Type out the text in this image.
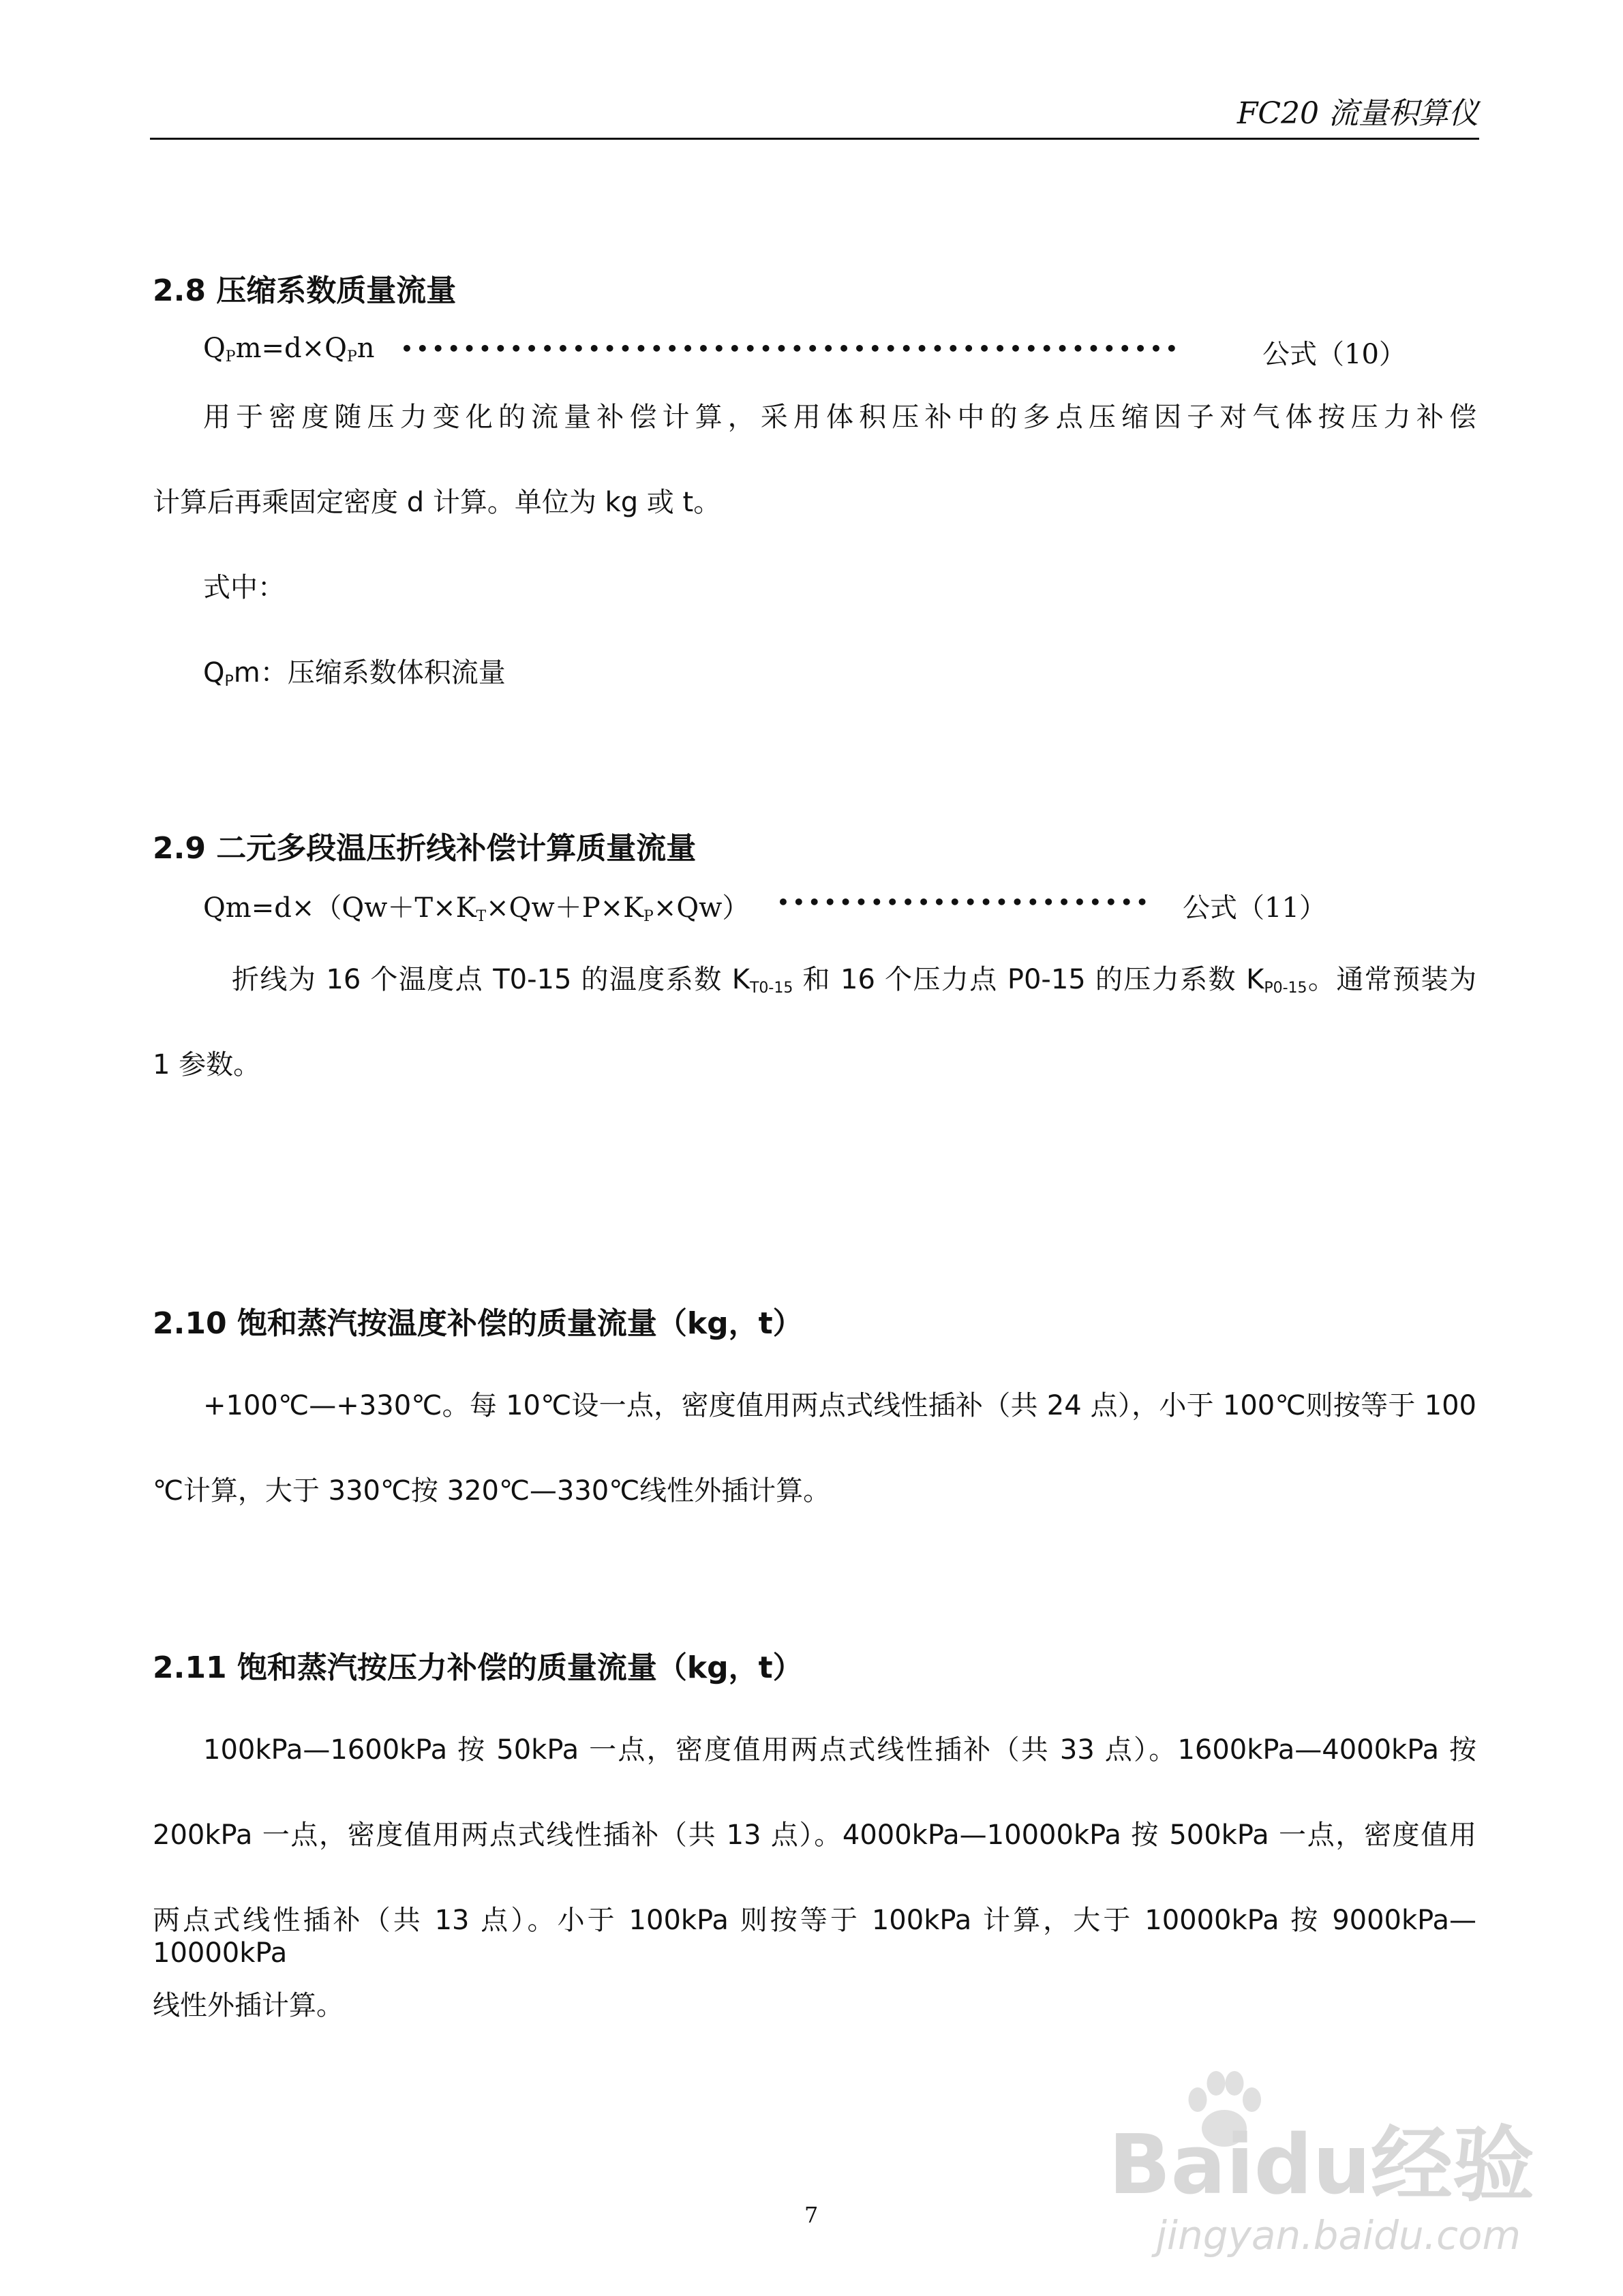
FC20 流量积算仪
2.8 压缩系数质量流量
$Q_Pm=d\times Q_Pn$ ••••••••••••••••••••••••••••••••••••••••••••••••••	公式（10）
用于密度随压力变化的流量补偿计算，采用体积压补中的多点压缩因子对气体按压力补偿
计算后再乘固定密度 d 计算。单位为 kg 或 t。
式中：
$Q_Pm$：压缩系数体积流量
2.9 二元多段温压折线补偿计算质量流量
$Qm=d\times(Qw+T\times K_T\times Qw+P\times K_P\times Qw)$ •••••••••••••••••••••••• 公式（11）
折线为 16 个温度点 T0-15 的温度系数 $K_{T0-15}$ 和 16 个压力点 P0-15 的压力系数 $K_{P0-15}$。通常预装为
1 参数。
2.10 饱和蒸汽按温度补偿的质量流量（kg，t）
+100℃—+330℃。每 10℃设一点，密度值用两点式线性插补（共 24 点），小于 100℃则按等于 100
℃计算，大于 330℃按 320℃—330℃线性外插计算。
2.11 饱和蒸汽按压力补偿的质量流量（kg，t）
100kPa—1600kPa 按 50kPa 一点，密度值用两点式线性插补（共 33 点）。1600kPa—4000kPa 按
200kPa 一点，密度值用两点式线性插补（共 13 点）。4000kPa—10000kPa 按 500kPa 一点，密度值用
两点式线性插补（共 13 点）。小于 100kPa 则按等于 100kPa 计算，大于 10000kPa 按 9000kPa—10000kPa
线性外插计算。
Baidu经验
jingyan.baidu.com
7
